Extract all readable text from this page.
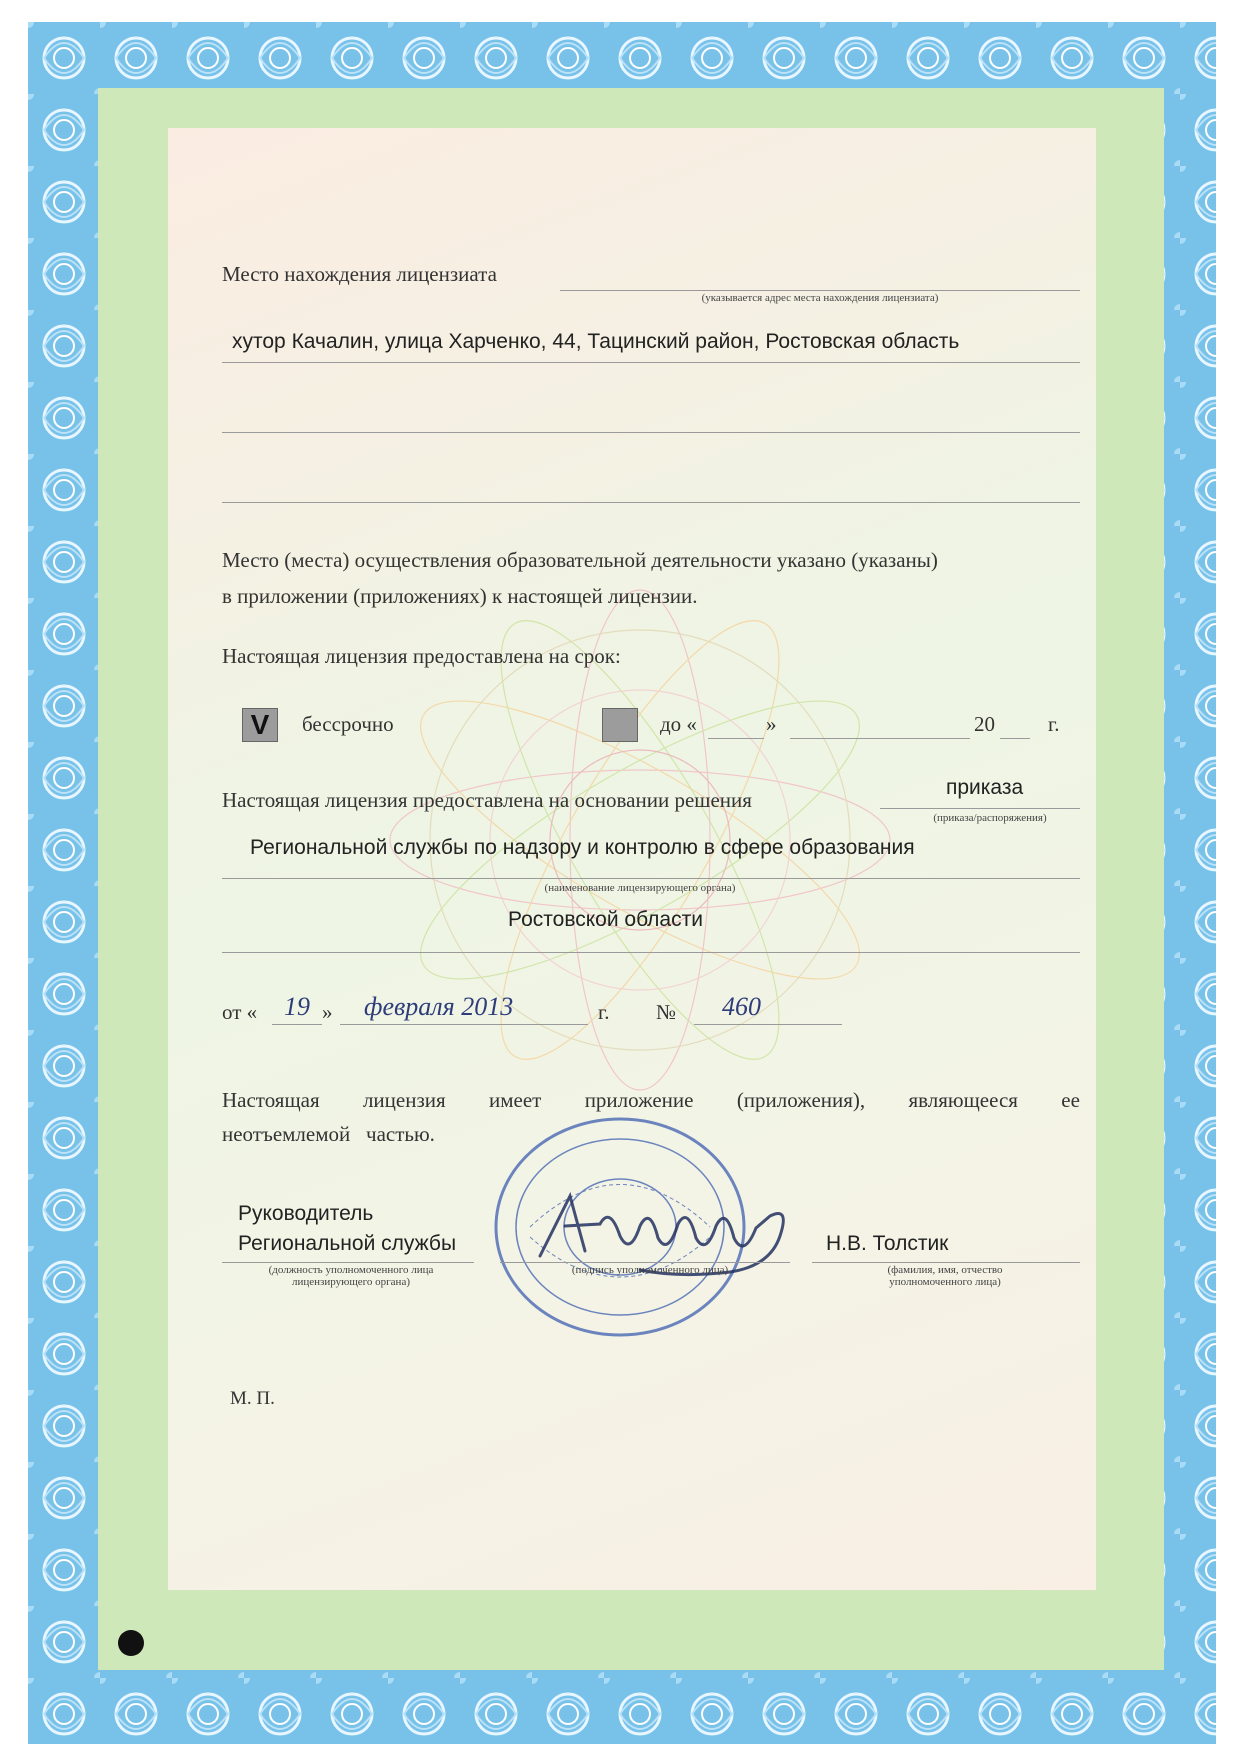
Место нахождения лицензиата
(указывается адрес места нахождения лицензиата)
хутор Качалин, улица Харченко, 44, Тацинский район, Ростовская область
Место (места) осуществления образовательной деятельности указано (указаны)
в приложении (приложениях) к настоящей лицензии.
Настоящая лицензия предоставлена на срок:
V	бессрочно	до «	»	20	г.
Настоящая лицензия предоставлена на основании решения
приказа
(приказа/распоряжения)
Региональной службы по надзору и контролю в сфере образования
(наименование лицензирующего органа)
Ростовской области
от « 19 » февраля 2013	г. № 460
Настоящая лицензия имеет приложение (приложения), являющееся ее
неотъемлемой   частью.
Руководитель
Региональной службы
(должность уполномоченного лица лицензирующего органа)
(подпись уполномоченного лица)
Н.В. Толстик
(фамилия, имя, отчество уполномоченного лица)
М. П.
